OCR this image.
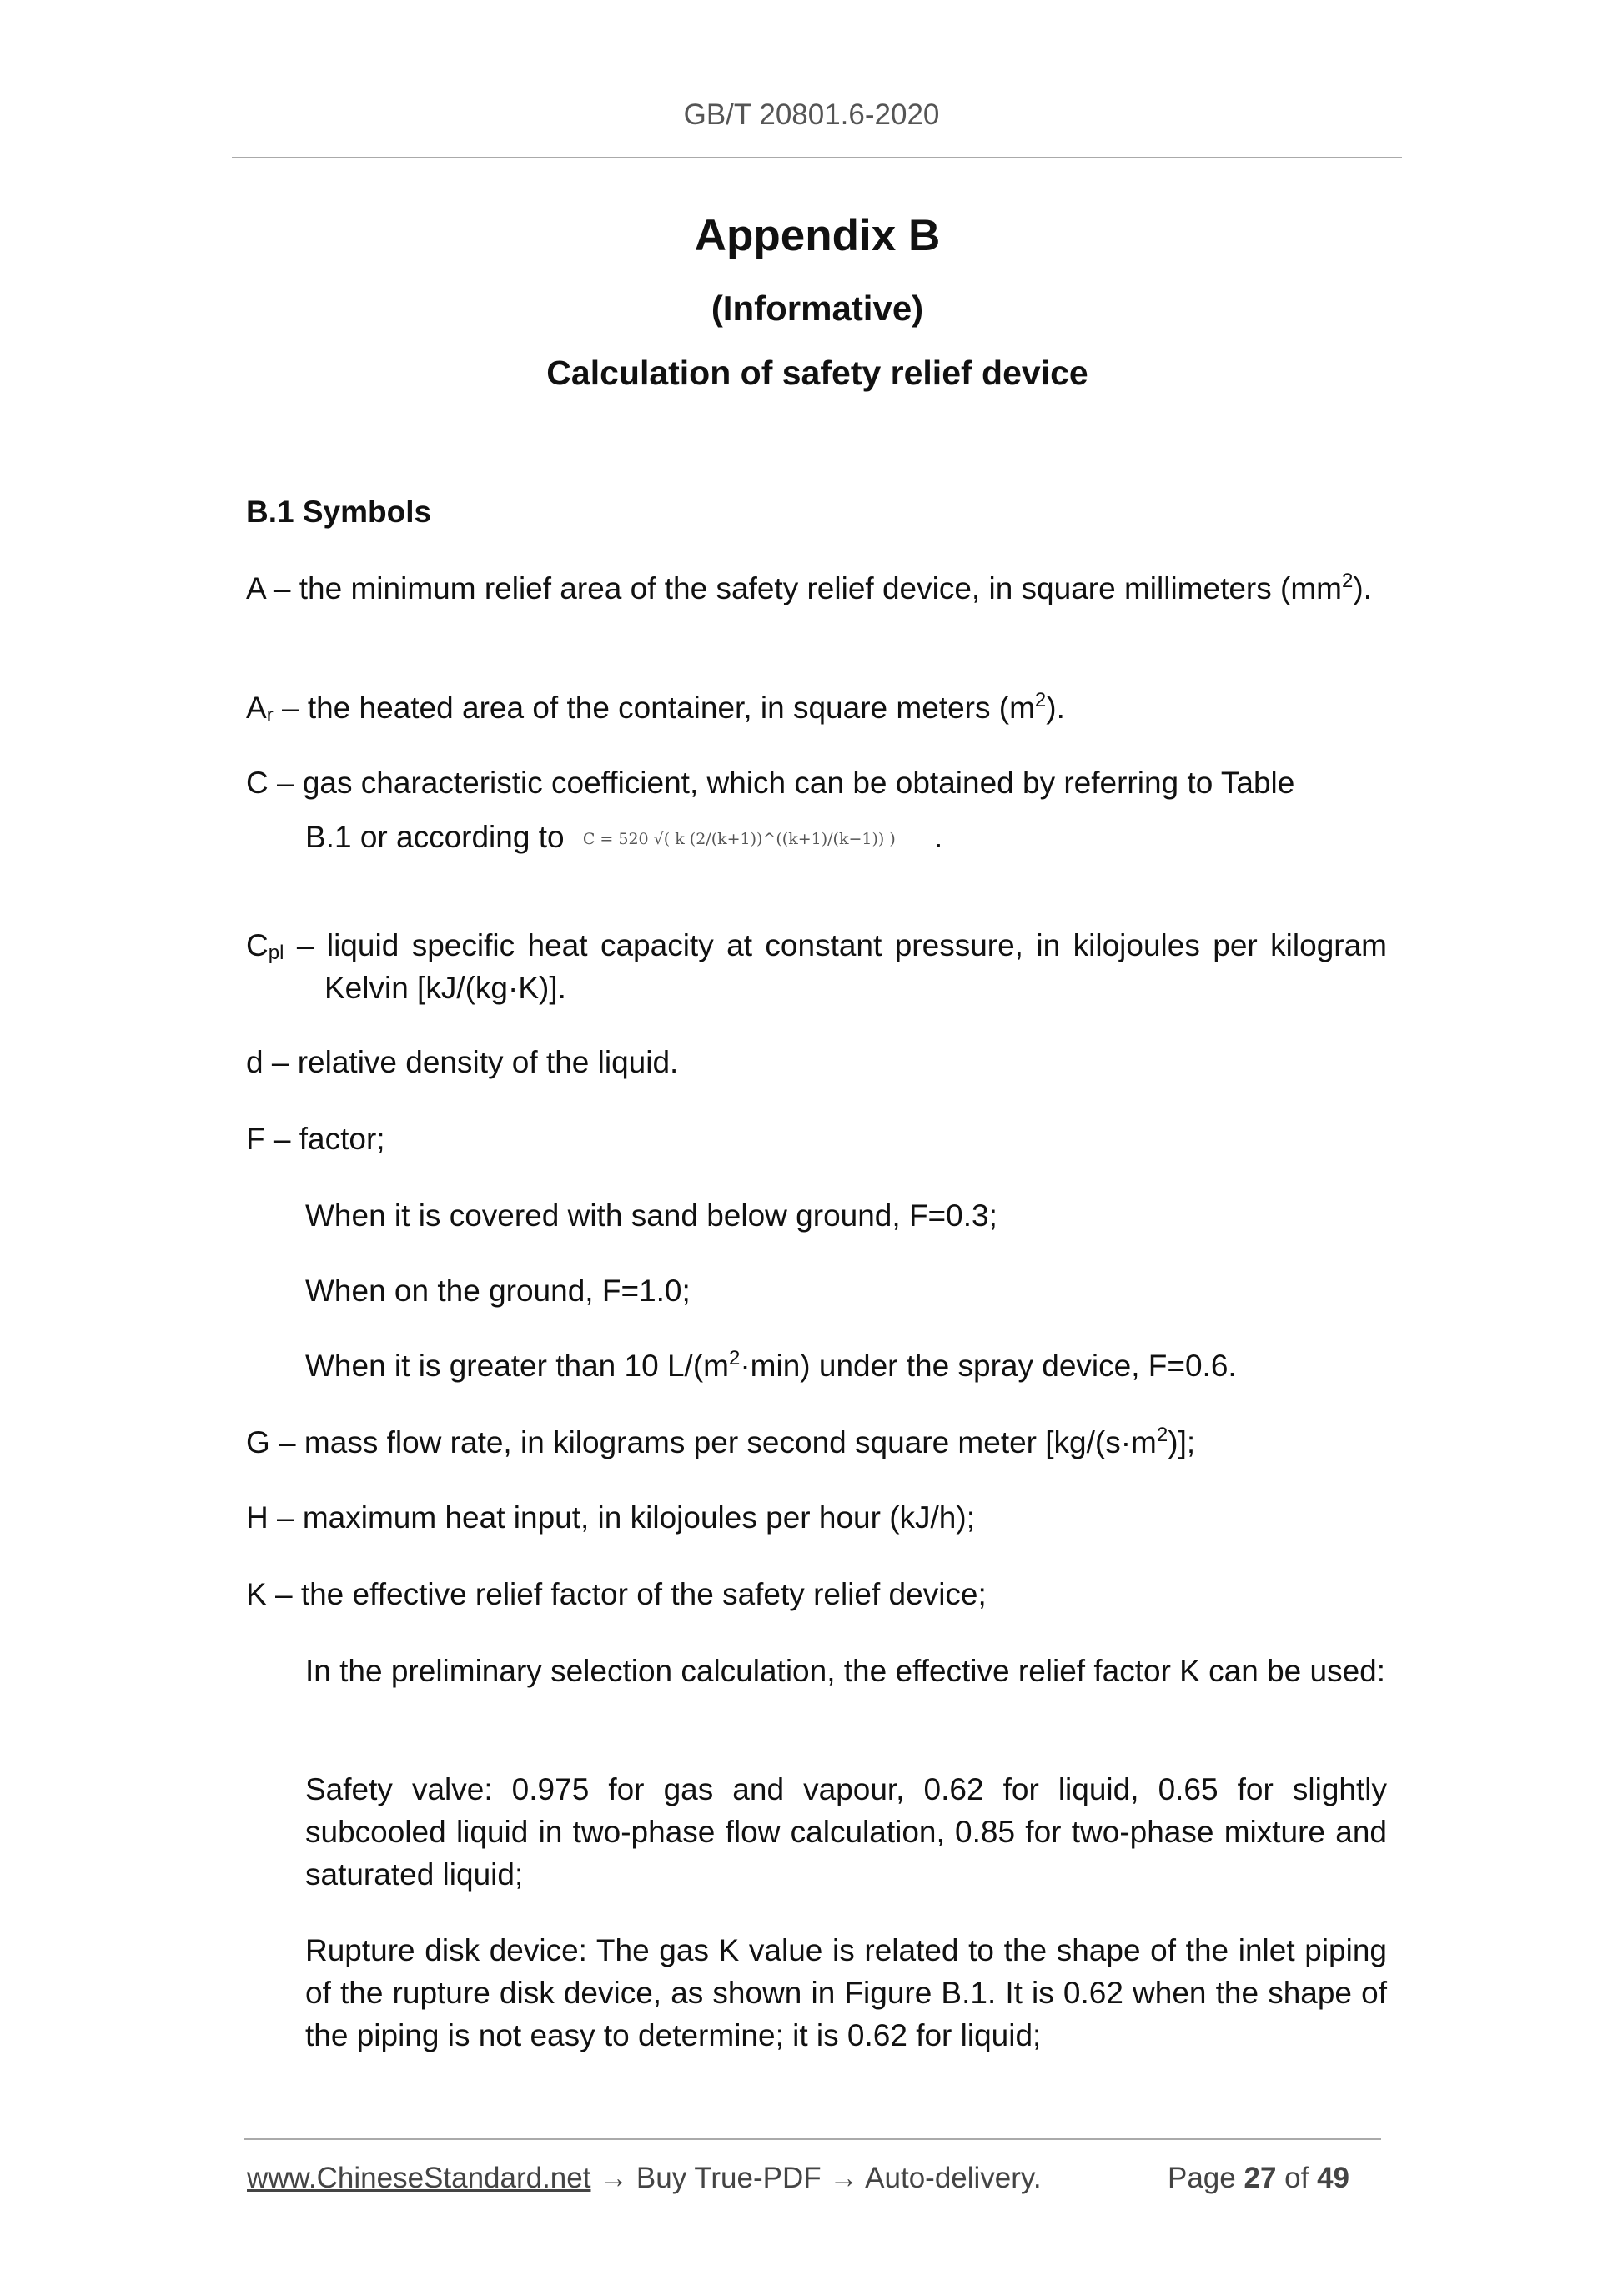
GB/T 20801.6-2020
Appendix B
(Informative)
Calculation of safety relief device
B.1 Symbols
A – the minimum relief area of the safety relief device, in square millimeters $(mm^2)$.
$A_r$ – the heated area of the container, in square meters $(m^2)$.
C – gas characteristic coefficient, which can be obtained by referring to Table
B.1 or according to C = 520 √( k (2/(k+1))^((k+1)/(k−1)) ) .
$C_{pl}$ – liquid specific heat capacity at constant pressure, in kilojoules per kilogram Kelvin [kJ/(kg·K)].
d – relative density of the liquid.
F – factor;
When it is covered with sand below ground, F=0.3;
When on the ground, F=1.0;
When it is greater than 10 $L/(m^2\cdot\min)$ under the spray device, F=0.6.
G – mass flow rate, in kilograms per second square meter $[kg/(s\cdot m^2)]$;
H – maximum heat input, in kilojoules per hour (kJ/h);
K – the effective relief factor of the safety relief device;
In the preliminary selection calculation, the effective relief factor K can be used:
Safety valve: 0.975 for gas and vapour, 0.62 for liquid, 0.65 for slightly subcooled liquid in two-phase flow calculation, 0.85 for two-phase mixture and saturated liquid;
Rupture disk device: The gas K value is related to the shape of the inlet piping of the rupture disk device, as shown in Figure B.1. It is 0.62 when the shape of the piping is not easy to determine; it is 0.62 for liquid;
www.ChineseStandard.net → Buy True-PDF → Auto-delivery.	Page 27 of 49
